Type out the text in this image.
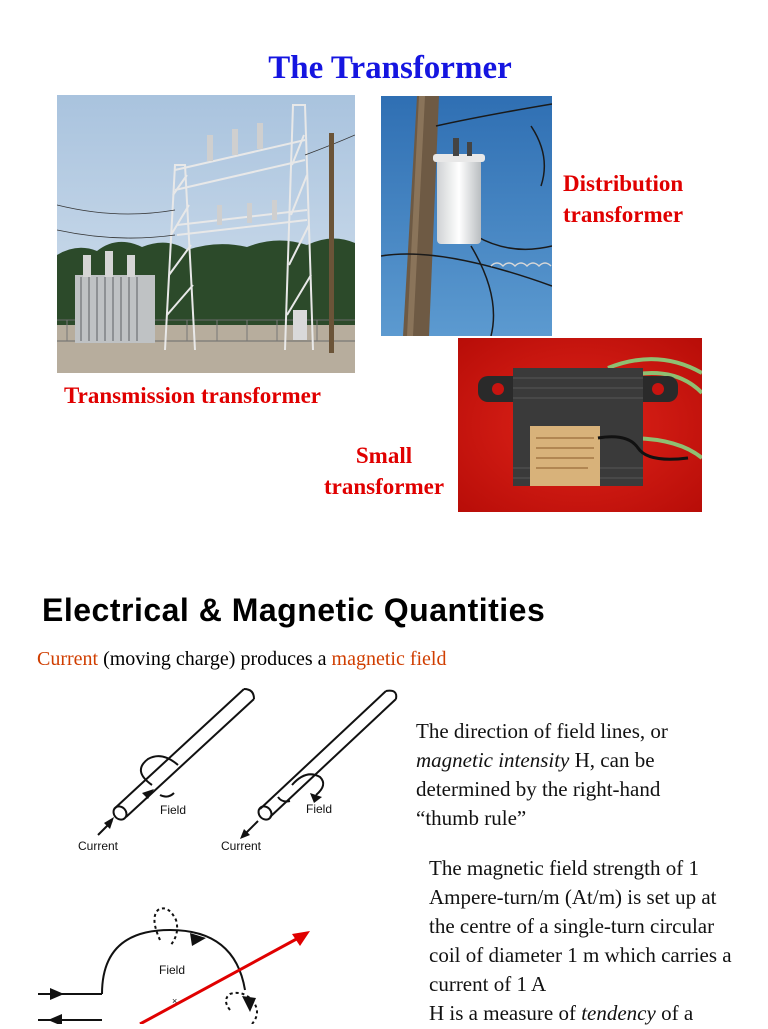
The Transformer
Distribution transformer
Transmission transformer
Small transformer
Electrical & Magnetic Quantities
Current (moving charge) produces a magnetic field
Field
Current
Field
Current
×
Field
The direction of field lines, or magnetic intensity H, can be determined by the right-hand “thumb rule”
The magnetic field strength of 1 Ampere-turn/m (At/m) is set up at the centre of a single-turn circular coil of diameter 1 m which carries a current of 1 A
H is a measure of tendency of a
